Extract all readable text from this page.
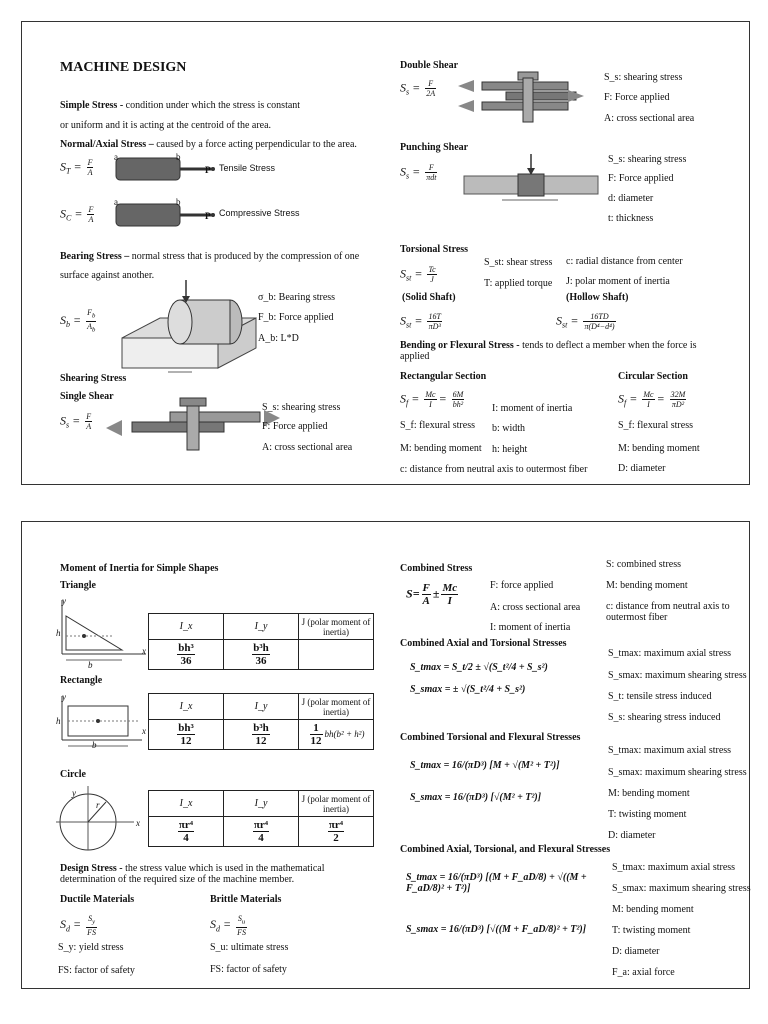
MACHINE DESIGN
Simple Stress - condition under which the stress is constant
or uniform and it is acting at the centroid of the area.
Normal/Axial Stress – caused by a force acting perpendicular to the area.
$S_T = \frac{F}{A}$
a	b
P Tensile Stress
$S_C = \frac{F}{A}$
a	b
P Compressive Stress
Bearing Stress – normal stress that is produced by the compression of one
surface against another.
$S_b = \frac{F_b}{A_b}$
σ_b: Bearing stress
F_b: Force applied
A_b: L*D
Shearing Stress
Single Shear
$S_s = \frac{F}{A}$
S_s: shearing stress
F: Force applied
A: cross sectional area
Double Shear
$S_s = \frac{F}{2A}$
S_s: shearing stress
F: Force applied
A: cross sectional area
Punching Shear
$S_s = \frac{F}{\text{πdt}}$
S_s: shearing stress
F: Force applied
d: diameter
t: thickness
Torsional Stress
$S_{st} = \frac{Tc}{J}$
S_st: shear stress
T: applied torque
c: radial distance from center
J: polar moment of inertia
(Solid Shaft)	(Hollow Shaft)
$S_{st} = \frac{16T}{\text{πD³}}$	$S_{st} = \frac{16TD}{\text{π(D⁴−d⁴)}}$
Bending or Flexural Stress - tends to deflect a member when the force is applied
Rectangular Section	Circular Section
$S_f = \frac{Mc}{I} = \frac{6M}{\text{bh²}}$	$S_f = \frac{Mc}{I} = \frac{32M}{\text{πD²}}$
I: moment of inertia
S_f: flexural stress b: width	S_f: flexural stress
M: bending moment h: height	M: bending moment
c: distance from neutral axis to outermost fiber	D: diameter
Moment of Inertia for Simple Shapes
Triangle
y
x
h
b
I_x	I_y	J (polar moment of inertia)

$\frac{\text{bh³}}{36}$	$\frac{\text{b³h}}{36}$

Rectangle
y
x
h
b
I_x	I_y	J (polar moment of inertia)

$\frac{\text{bh³}}{12}$	$\frac{\text{b³h}}{12}$	$\frac{1}{12} bh(b^2 + h^2)$
Circle
y
x
r	I_x	I_y	J (polar moment of inertia)

$\frac{\text{πr⁴}}{4}$	$\frac{\text{πr⁴}}{4}$	$\frac{\text{πr⁴}}{2}$
Design Stress - the stress value which is used in the mathematical determination of the required size of the machine member.
Ductile Materials	Brittle Materials
$S_d = \frac{S_y}{FS}$	$S_d = \frac{S_u}{FS}$
S_y: yield stress	S_u: ultimate stress
FS: factor of safety	FS: factor of safety
Combined Stress
$S= \frac{F}{A} \pm \frac{Mc}{I}$	F: force applied
A: cross sectional area
I: moment of inertia
S: combined stress
M: bending moment
c: distance from neutral axis to outermost fiber
Combined Axial and Torsional Stresses
S_tmax = S_t/2 ± √(S_t²/4 + S_s²)
S_smax = ± √(S_t²/4 + S_s²)
S_tmax: maximum axial stress
S_smax: maximum shearing stress
S_t: tensile stress induced
S_s: shearing stress induced
Combined Torsional and Flexural Stresses
S_tmax = 16/(πD³) [M + √(M² + T²)]
S_smax = 16/(πD³) [√(M² + T²)]
S_tmax: maximum axial stress
S_smax: maximum shearing stress
M: bending moment
T: twisting moment
D: diameter
Combined Axial, Torsional, and Flexural Stresses
S_tmax = 16/(πD³) [(M + F_aD/8) + √((M + F_aD/8)² + T²)]
S_smax = 16/(πD³) [√((M + F_aD/8)² + T²)]
S_tmax: maximum axial stress
S_smax: maximum shearing stress
M: bending moment
T: twisting moment
D: diameter
F_a: axial force
